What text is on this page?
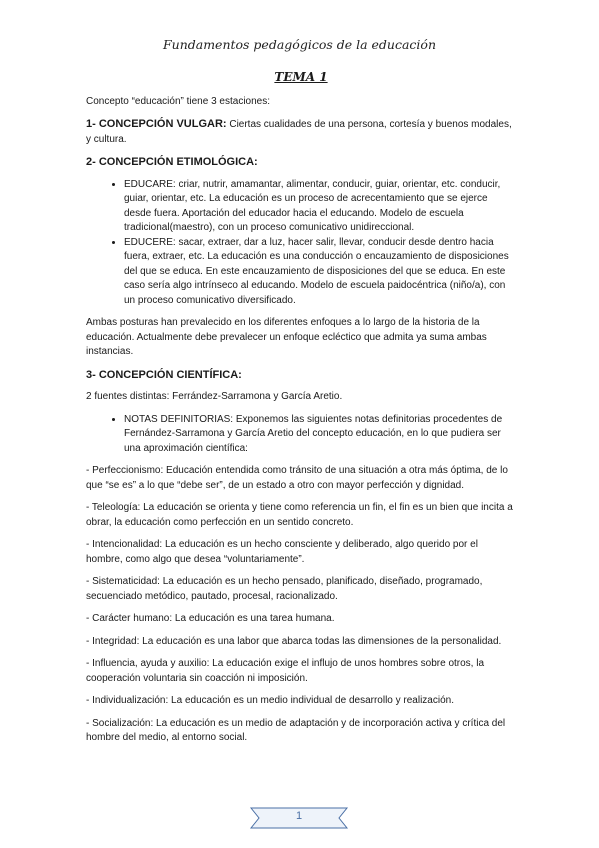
Fundamentos pedagógicos de la educación
TEMA 1

Concepto “educación” tiene 3 estaciones:

1- CONCEPCIÓN VULGAR: Ciertas cualidades de una persona, cortesía y buenos modales, y cultura.

2- CONCEPCIÓN ETIMOLÓGICA:
• EDUCARE: criar, nutrir, amamantar, alimentar, conducir, guiar, orientar, etc. conducir, guiar, orientar, etc. La educación es un proceso de acrecentamiento que se ejerce desde fuera. Aportación del educador hacia el educando. Modelo de escuela tradicional(maestro), con un proceso comunicativo unidireccional.
• EDUCERE: sacar, extraer, dar a luz, hacer salir, llevar, conducir desde dentro hacia fuera, extraer, etc. La educación es una conducción o encauzamiento de disposiciones del que se educa. En este encauzamiento de disposiciones del que se educa. En este caso sería algo intrínseco al educando. Modelo de escuela paidocéntrica (niño/a), con un proceso comunicativo diversificado.

Ambas posturas han prevalecido en los diferentes enfoques a lo largo de la historia de la educación. Actualmente debe prevalecer un enfoque ecléctico que admita ya suma ambas instancias.

3- CONCEPCIÓN CIENTÍFICA:

2 fuentes distintas: Ferrández-Sarramona y García Aretio.

• NOTAS DEFINITORIAS: Exponemos las siguientes notas definitorias procedentes de Fernández-Sarramona y García Aretio del concepto educación, en lo que pudiera ser una aproximación científica:

- Perfeccionismo: Educación entendida como tránsito de una situación a otra más óptima, de lo que “se es” a lo que “debe ser”, de un estado a otro con mayor perfección y dignidad.

- Teleología: La educación se orienta y tiene como referencia un fin, el fin es un bien que incita a obrar, la educación como perfección en un sentido concreto.

- Intencionalidad: La educación es un hecho consciente y deliberado, algo querido por el hombre, como algo que desea “voluntariamente”.

- Sistematicidad: La educación es un hecho pensado, planificado, diseñado, programado, secuenciado metódico, pautado, procesal, racionalizado.

- Carácter humano: La educación es una tarea humana.

- Integridad: La educación es una labor que abarca todas las dimensiones de la personalidad.

- Influencia, ayuda y auxilio: La educación exige el influjo de unos hombres sobre otros, la cooperación voluntaria sin coacción ni imposición.

- Individualización: La educación es un medio individual de desarrollo y realización.

- Socialización: La educación es un medio de adaptación y de incorporación activa y crítica del hombre del medio, al entorno social.

1
